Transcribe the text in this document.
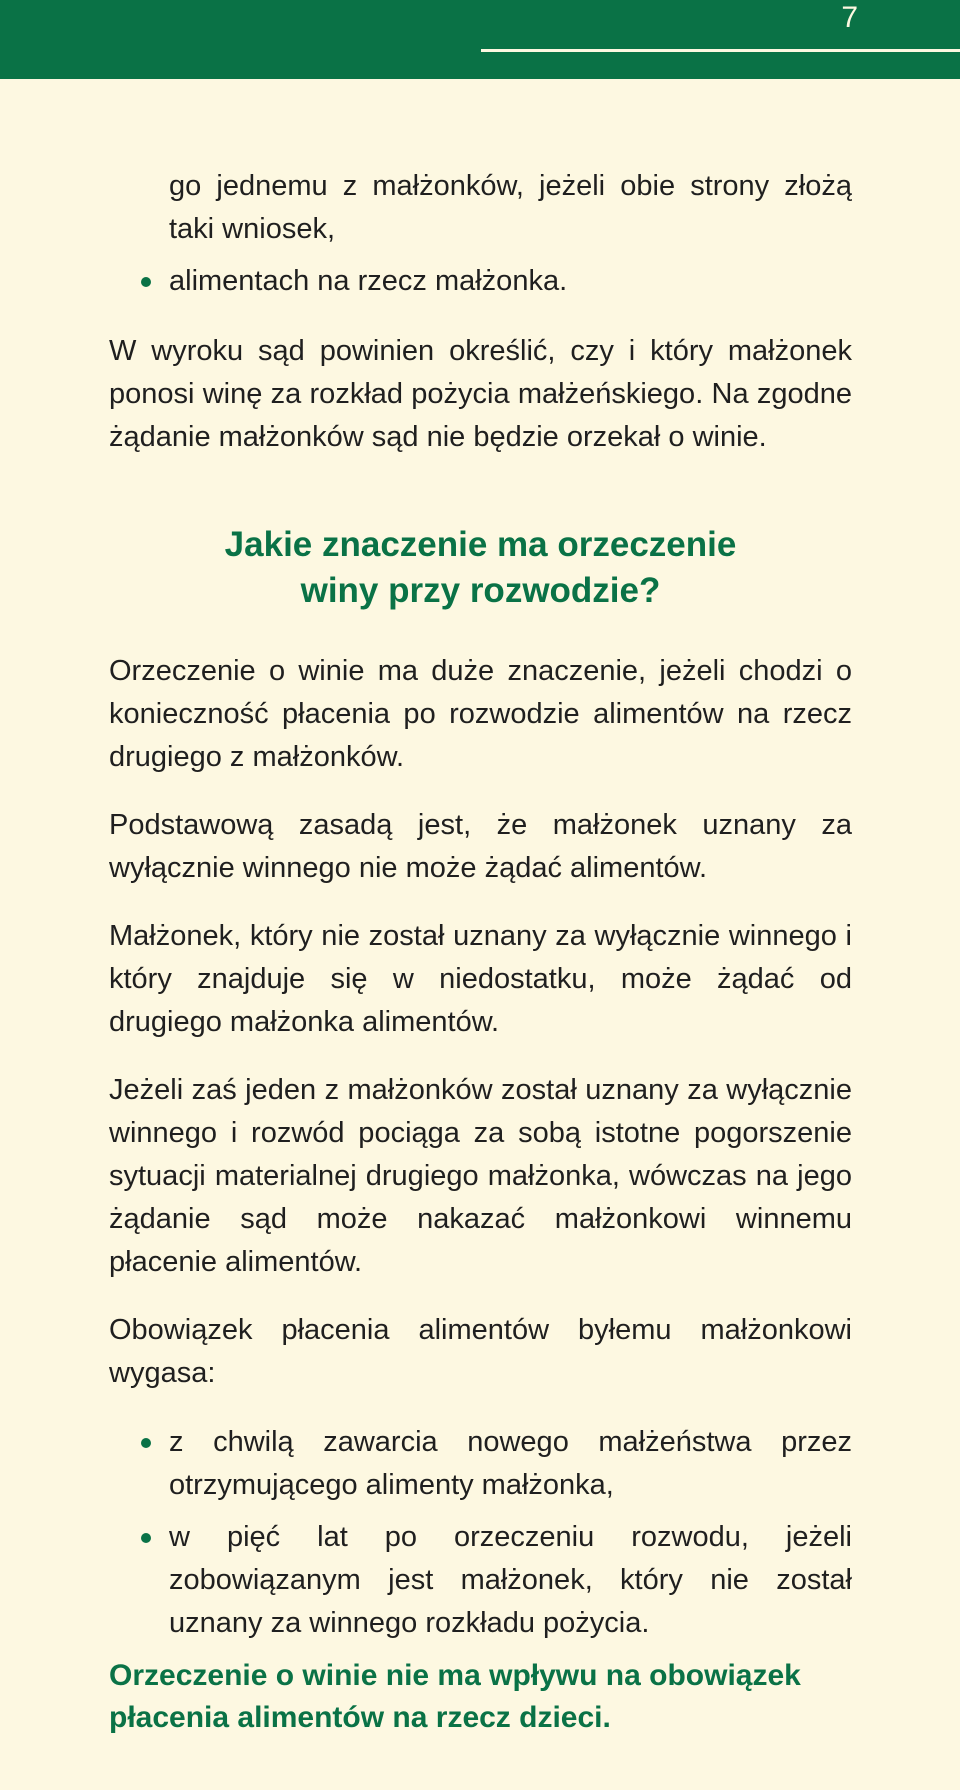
7
go jednemu z małżonków, jeżeli obie strony złożą taki wniosek,
alimentach na rzecz małżonka.

W wyroku sąd powinien określić, czy i który małżonek ponosi winę za rozkład pożycia małżeńskiego. Na zgodne żądanie małżonków sąd nie będzie orzekał o winie.

Jakie znaczenie ma orzeczenie

winy przy rozwodzie?

Orzeczenie o winie ma duże znaczenie, jeżeli chodzi o konieczność płacenia po rozwodzie alimentów na rzecz drugiego z małżonków.

Podstawową zasadą jest, że małżonek uznany za wyłącznie winnego nie może żądać alimentów.

Małżonek, który nie został uznany za wyłącznie winnego i który znajduje się w niedostatku, może żądać od drugiego małżonka alimentów.

Jeżeli zaś jeden z małżonków został uznany za wyłącznie winnego i rozwód pociąga za sobą istotne pogorszenie sytuacji materialnej drugiego małżonka, wówczas na jego żądanie sąd może nakazać małżonkowi winnemu płacenie alimentów.

Obowiązek płacenia alimentów byłemu małżonkowi wygasa:

z chwilą zawarcia nowego małżeństwa przez otrzymującego alimenty małżonka,
w pięć lat po orzeczeniu rozwodu, jeżeli zobowiązanym jest małżonek, który nie został uznany za winnego rozkładu pożycia.

Orzeczenie o winie nie ma wpływu na obowiązek płacenia alimentów na rzecz dzieci.
